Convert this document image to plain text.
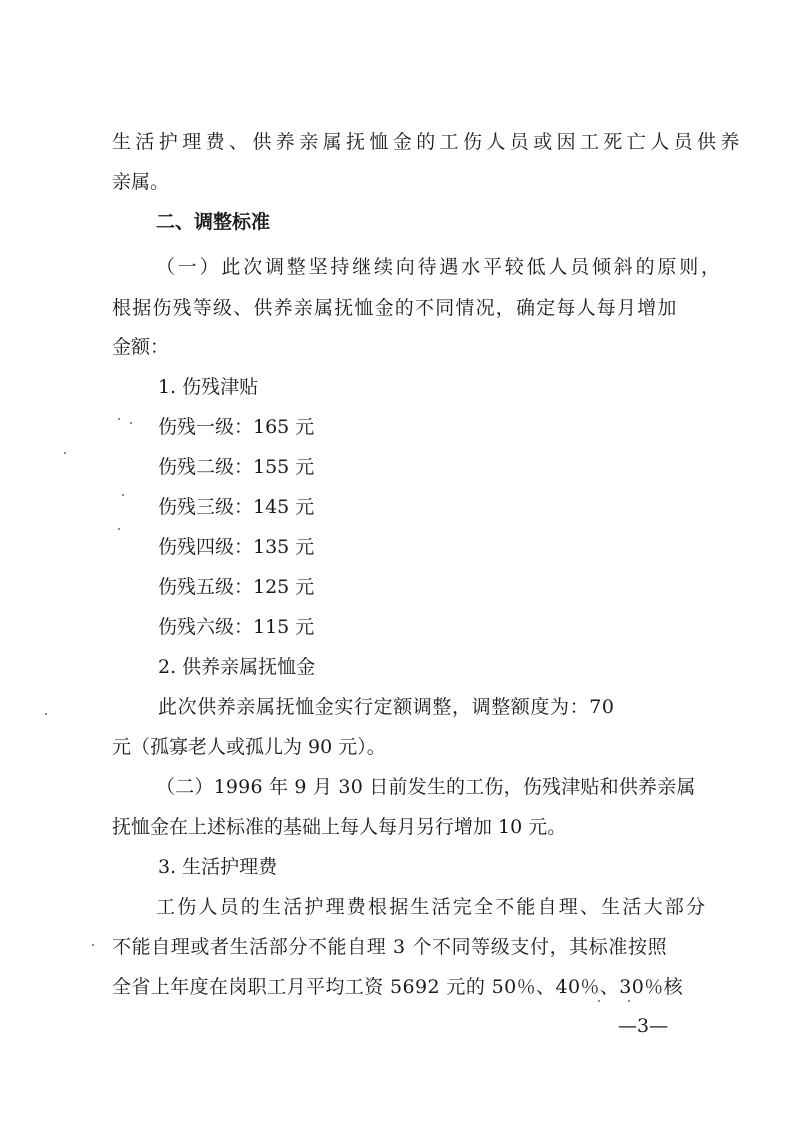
生活护理费、供养亲属抚恤金的工伤人员或因工死亡人员供养
亲属。
二、调整标准
（一）此次调整坚持继续向待遇水平较低人员倾斜的原则，
根据伤残等级、供养亲属抚恤金的不同情况，确定每人每月增加
金额：
1. 伤残津贴
伤残一级：165 元
伤残二级：155 元
伤残三级：145 元
伤残四级：135 元
伤残五级：125 元
伤残六级：115 元
2. 供养亲属抚恤金
此次供养亲属抚恤金实行定额调整，调整额度为：70
元（孤寡老人或孤儿为 90 元）。
（二）1996 年 9 月 30 日前发生的工伤，伤残津贴和供养亲属
抚恤金在上述标准的基础上每人每月另行增加 10 元。
3. 生活护理费
工伤人员的生活护理费根据生活完全不能自理、生活大部分
不能自理或者生活部分不能自理 3 个不同等级支付，其标准按照
全省上年度在岗职工月平均工资 5692 元的 50％、40％、30％核
—3—
